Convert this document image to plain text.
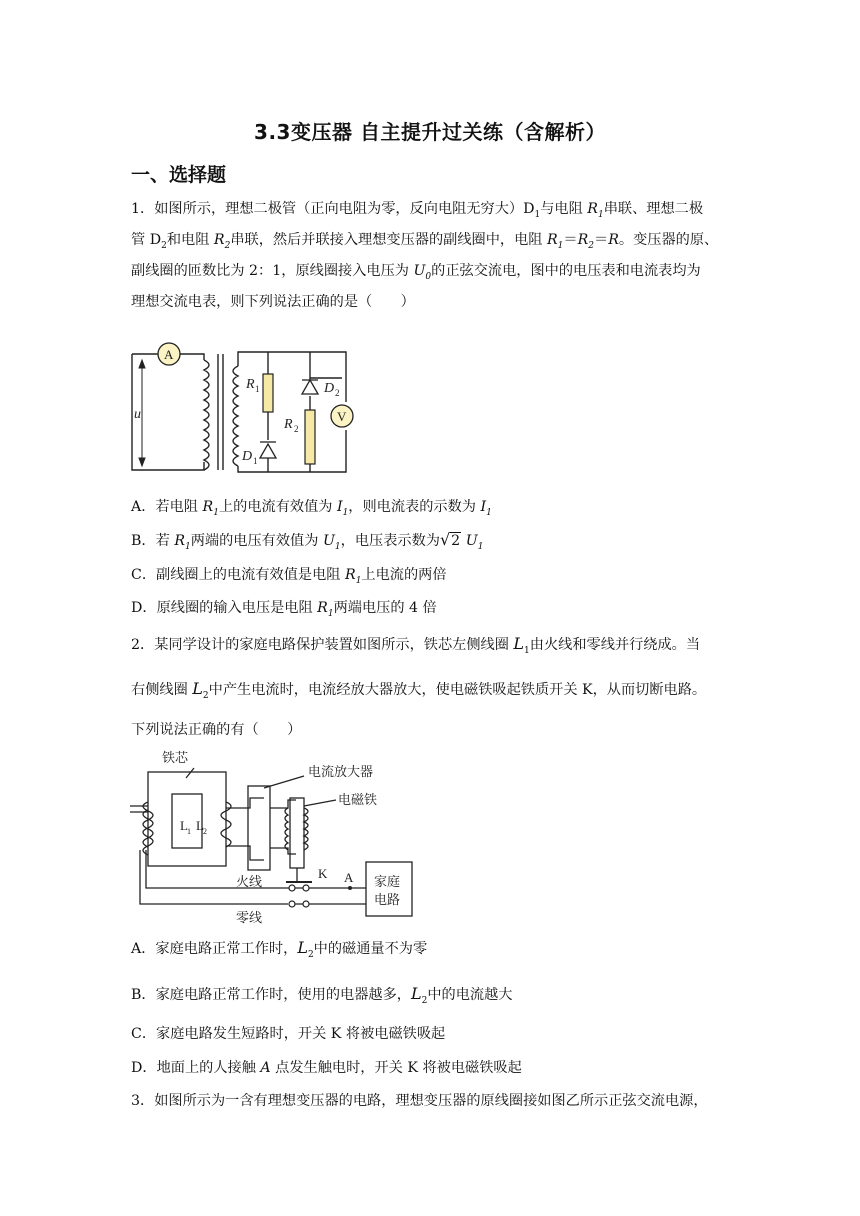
3.3变压器 自主提升过关练（含解析）
一、选择题
1．如图所示，理想二极管（正向电阻为零，反向电阻无穷大）$D_1$与电阻 $R_1$串联、理想二极
管 $D_2$和电阻 $R_2$串联，然后并联接入理想变压器的副线圈中，电阻 $R_1=R_2=R$。变压器的原、
副线圈的匝数比为 2：1，原线圈接入电压为 $U_0$的正弦交流电，图中的电压表和电流表均为
理想交流电表，则下列说法正确的是（　　）
u
A
R 1
D 1
D 2
R 2
V
A．若电阻 $R_1$上的电流有效值为 $I_1$，则电流表的示数为 $I_1$
B．若 $R_1$两端的电压有效值为 $U_1$，电压表示数为√2 $U_1$
C．副线圈上的电流有效值是电阻 $R_1$上电流的两倍
D．原线圈的输入电压是电阻 $R_1$两端电压的 4 倍
2．某同学设计的家庭电路保护装置如图所示，铁芯左侧线圈 $L_1$由火线和零线并行绕成。当
右侧线圈 $L_2$中产生电流时，电流经放大器放大，使电磁铁吸起铁质开关 K，从而切断电路。
下列说法正确的有（　　）
铁芯
电流放大器
电磁铁
L 1 L 2
K A
火线
零线
家庭
电路
A．家庭电路正常工作时，$L_2$中的磁通量不为零
B．家庭电路正常工作时，使用的电器越多，$L_2$中的电流越大
C．家庭电路发生短路时，开关 K 将被电磁铁吸起
D．地面上的人接触 A 点发生触电时，开关 K 将被电磁铁吸起
3．如图所示为一含有理想变压器的电路，理想变压器的原线圈接如图乙所示正弦交流电源，
